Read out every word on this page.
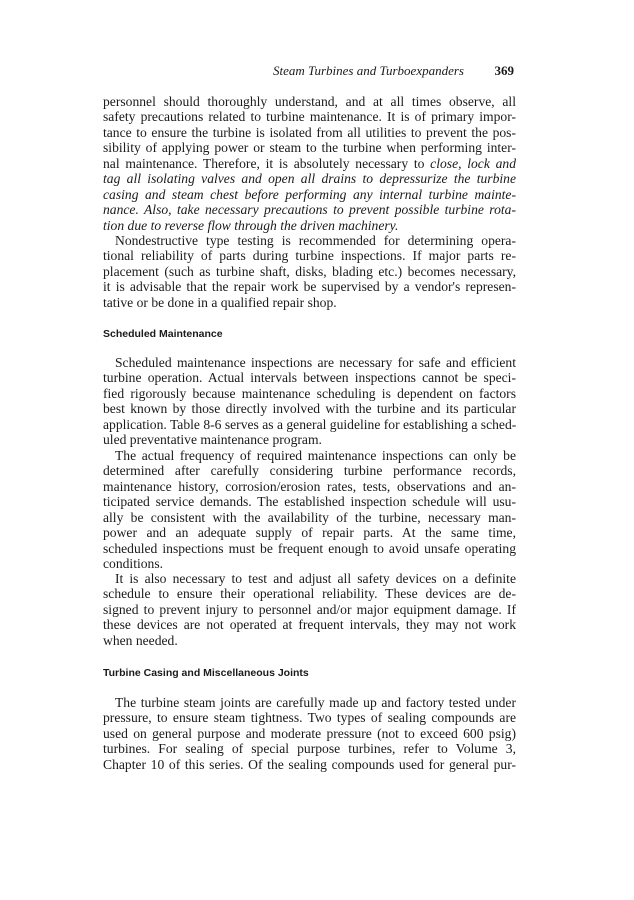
Steam Turbines and Turboexpanders 369
personnel should thoroughly understand, and at all times observe, all
safety precautions related to turbine maintenance. It is of primary impor-
tance to ensure the turbine is isolated from all utilities to prevent the pos-
sibility of applying power or steam to the turbine when performing inter-
nal maintenance. Therefore, it is absolutely necessary to close, lock and
tag all isolating valves and open all drains to depressurize the turbine
casing and steam chest before performing any internal turbine mainte-
nance. Also, take necessary precautions to prevent possible turbine rota-
tion due to reverse flow through the driven machinery.
Nondestructive type testing is recommended for determining opera-
tional reliability of parts during turbine inspections. If major parts re-
placement (such as turbine shaft, disks, blading etc.) becomes necessary,
it is advisable that the repair work be supervised by a vendor's represen-
tative or be done in a qualified repair shop.
Scheduled Maintenance
Scheduled maintenance inspections are necessary for safe and efficient
turbine operation. Actual intervals between inspections cannot be speci-
fied rigorously because maintenance scheduling is dependent on factors
best known by those directly involved with the turbine and its particular
application. Table 8-6 serves as a general guideline for establishing a sched-
uled preventative maintenance program.
The actual frequency of required maintenance inspections can only be
determined after carefully considering turbine performance records,
maintenance history, corrosion/erosion rates, tests, observations and an-
ticipated service demands. The established inspection schedule will usu-
ally be consistent with the availability of the turbine, necessary man-
power and an adequate supply of repair parts. At the same time,
scheduled inspections must be frequent enough to avoid unsafe operating
conditions.
It is also necessary to test and adjust all safety devices on a definite
schedule to ensure their operational reliability. These devices are de-
signed to prevent injury to personnel and/or major equipment damage. If
these devices are not operated at frequent intervals, they may not work
when needed.
Turbine Casing and Miscellaneous Joints
The turbine steam joints are carefully made up and factory tested under
pressure, to ensure steam tightness. Two types of sealing compounds are
used on general purpose and moderate pressure (not to exceed 600 psig)
turbines. For sealing of special purpose turbines, refer to Volume 3,
Chapter 10 of this series. Of the sealing compounds used for general pur-
